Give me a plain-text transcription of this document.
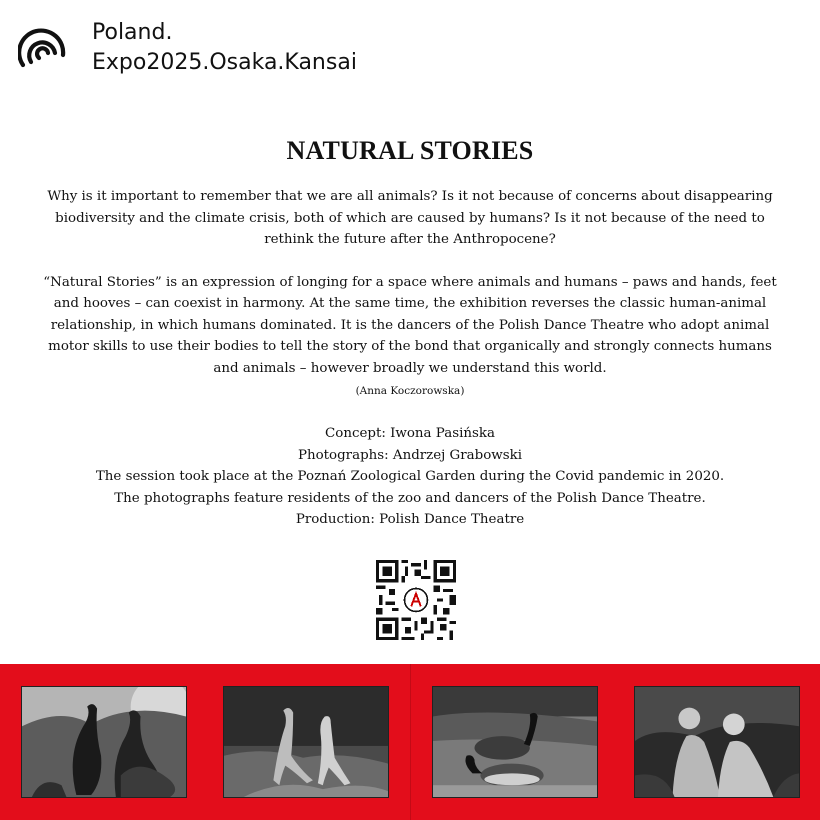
Poland.
Expo2025.Osaka.Kansai
NATURAL STORIES

Why is it important to remember that we are all animals? Is it not because of concerns about disappearing biodiversity and the climate crisis, both of which are caused by humans? Is it not because of the need to rethink the future after the Anthropocene?

“Natural Stories” is an expression of longing for a space where animals and humans – paws and hands, feet and hooves – can coexist in harmony. At the same time, the exhibition reverses the classic human-animal relationship, in which humans dominated. It is the dancers of the Polish Dance Theatre who adopt animal motor skills to use their bodies to tell the story of the bond that organically and strongly connects humans and animals – however broadly we understand this world.

(Anna Koczorowska)
Concept: Iwona Pasińska
Photographs: Andrzej Grabowski
The session took place at the Poznań Zoological Garden during the Covid pandemic in 2020.
The photographs feature residents of the zoo and dancers of the Polish Dance Theatre.
Production: Polish Dance Theatre
